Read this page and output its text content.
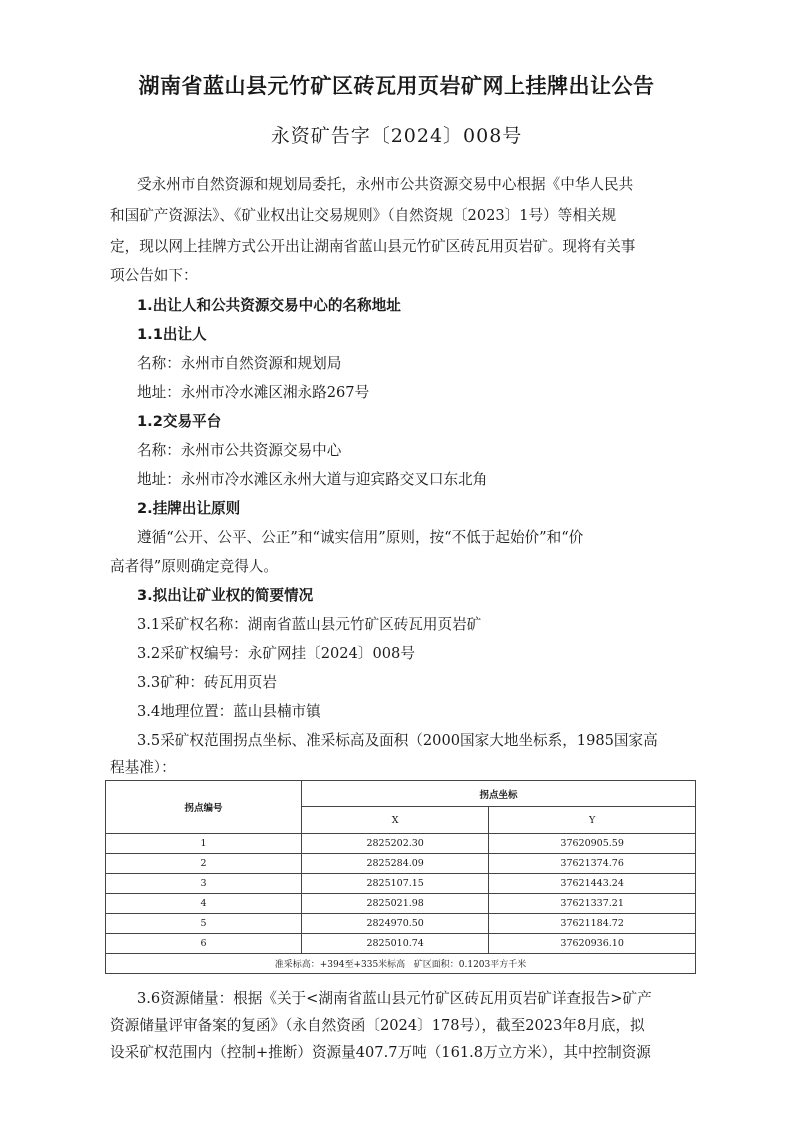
湖南省蓝山县元竹矿区砖瓦用页岩矿网上挂牌出让公告
永资矿告字〔2024〕008号
受永州市自然资源和规划局委托，永州市公共资源交易中心根据《中华人民共
和国矿产资源法》、《矿业权出让交易规则》（自然资规〔2023〕1号）等相关规
定，现以网上挂牌方式公开出让湖南省蓝山县元竹矿区砖瓦用页岩矿。现将有关事
项公告如下：
1.出让人和公共资源交易中心的名称地址
1.1出让人
名称：永州市自然资源和规划局
地址：永州市冷水滩区湘永路267号
1.2交易平台
名称：永州市公共资源交易中心
地址：永州市冷水滩区永州大道与迎宾路交叉口东北角
2.挂牌出让原则
遵循“公开、公平、公正”和“诚实信用”原则，按“不低于起始价”和“价
高者得”原则确定竞得人。
3.拟出让矿业权的简要情况
3.1采矿权名称：湖南省蓝山县元竹矿区砖瓦用页岩矿
3.2采矿权编号：永矿网挂〔2024〕008号
3.3矿种：砖瓦用页岩
3.4地理位置：蓝山县楠市镇
3.5采矿权范围拐点坐标、准采标高及面积（2000国家大地坐标系，1985国家高
程基准）：
拐点编号	拐点坐标	
	X	Y
1	2825202.30	37620905.59
2	2825284.09	37621374.76
3	2825107.15	37621443.24
4	2825021.98	37621337.21
5	2824970.50	37621184.72
6	2825010.74	37620936.10
准采标高：+394至+335米标高   矿区面积：0.1203平方千米		
3.6资源储量：根据《关于<湖南省蓝山县元竹矿区砖瓦用页岩矿详查报告>矿产
资源储量评审备案的复函》（永自然资函〔2024〕178号），截至2023年8月底，拟
设采矿权范围内（控制+推断）资源量407.7万吨（161.8万立方米），其中控制资源
